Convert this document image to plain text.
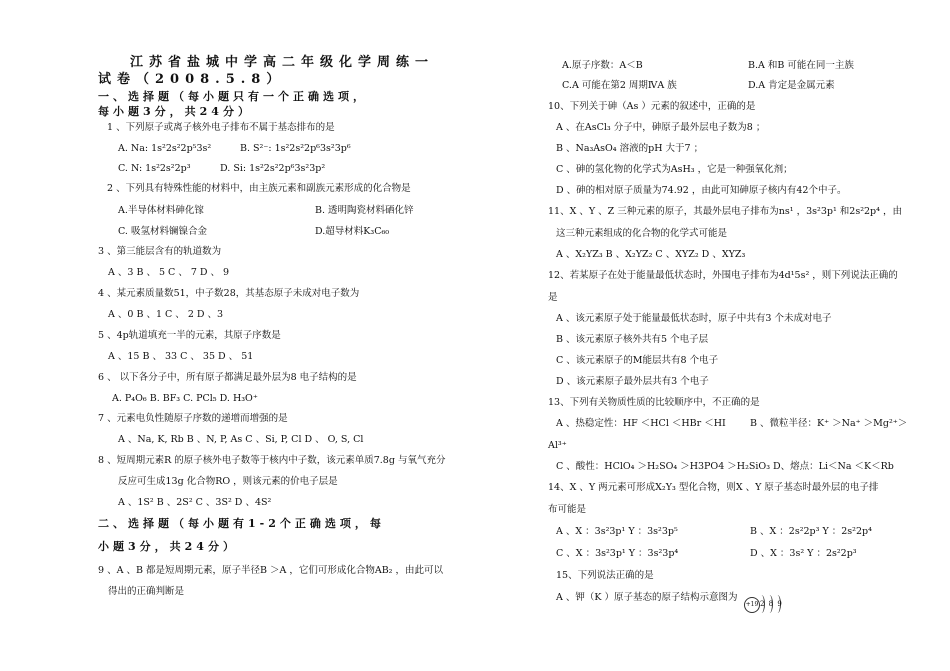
江苏省盐城中学高二年级化学周练一
试卷（2008.5.8）
一、选择题（每小题只有一个正确选项，
每小题3分，共24分）
1 、下列原子或离子核外电子排布不属于基态排布的是
A. Na: 1s²2s²2p⁵3s²	B. S²⁻: 1s²2s²2p⁶3s²3p⁶
C. N: 1s²2s²2p³	D. Si: 1s²2s²2p⁶3s²3p²
2 、下列具有特殊性能的材料中，由主族元素和副族元素形成的化合物是
A.半导体材料砷化镓	B. 透明陶瓷材料硒化锌
C. 吸氢材料镧镍合金	D.超导材料K₃C₆₀
3 、第三能层含有的轨道数为
A 、3 B 、 5 C 、 7 D 、 9
4 、某元素质量数51，中子数28，其基态原子未成对电子数为
A 、0 B 、1 C 、 2 D 、3
5 、4p轨道填充一半的元素，其原子序数是
A 、15 B 、 33 C 、 35 D 、 51
6 、 以下各分子中，所有原子都满足最外层为8 电子结构的是
A. P₄O₆ B. BF₃ C. PCl₅ D. H₃O⁺
7 、元素电负性随原子序数的递增而增强的是
A 、Na, K, Rb B 、N, P, As C 、Si, P, Cl D 、 O, S, Cl
8 、短周期元素R 的原子核外电子数等于核内中子数，该元素单质7.8g 与氧气充分
反应可生成13g 化合物RO ，则该元素的价电子层是
A 、1S² B 、2S² C 、3S² D 、4S²
二、选择题（每小题有1-2个正确选项，每
小题3分，共24分）
9 、A 、B 都是短周期元素，原子半径B ＞A ，它们可形成化合物AB₂ ，由此可以
得出的正确判断是
A.原子序数：A＜B	B.A 和B 可能在同一主族
C.A 可能在第2 周期ⅣA 族	D.A 肯定是金属元素
10、下列关于砷（As ）元素的叙述中，正确的是
A 、在AsCl₃ 分子中，砷原子最外层电子数为8 ；
B 、Na₃AsO₄ 溶液的pH 大于7 ；
C 、砷的氢化物的化学式为AsH₃ ，它是一种强氧化剂；
D 、砷的相对原子质量为74.92 ，由此可知砷原子核内有42个中子。
11、X 、Y 、Z 三种元素的原子，其最外层电子排布为ns¹ ，3s²3p¹ 和2s²2p⁴ ，由
这三种元素组成的化合物的化学式可能是
A 、X₂YZ₃ B 、X₂YZ₂ C 、XYZ₂ D 、XYZ₃
12、若某原子在处于能量最低状态时，外围电子排布为4d¹5s² ，则下列说法正确的
是
A 、该元素原子处于能量最低状态时，原子中共有3 个未成对电子
B 、该元素原子核外共有5 个电子层
C 、该元素原子的M能层共有8 个电子
D 、该元素原子最外层共有3 个电子
13、下列有关物质性质的比较顺序中，不正确的是
A 、热稳定性：HF ＜HCl ＜HBr ＜HI	B 、微粒半径：K⁺ ＞Na⁺ ＞Mg²⁺＞
Al³⁺
C 、酸性：HClO₄ ＞H₂SO₄ ＞H3PO4 ＞H₂SiO₃ D、熔点：Li＜Na ＜K＜Rb
14、X 、Y 两元素可形成X₂Y₃ 型化合物，则X 、Y 原子基态时最外层的电子排
布可能是
A 、X ：3s²3p¹ Y ：3s²3p⁵	B 、X ：2s²2p³ Y ：2s²2p⁴
C 、X ：3s²3p¹ Y ：3s²3p⁴	D 、X ：3s² Y ：2s²2p³
15、下列说法正确的是
A 、钾（K ）原子基态的原子结构示意图为
+19 2 8 9
